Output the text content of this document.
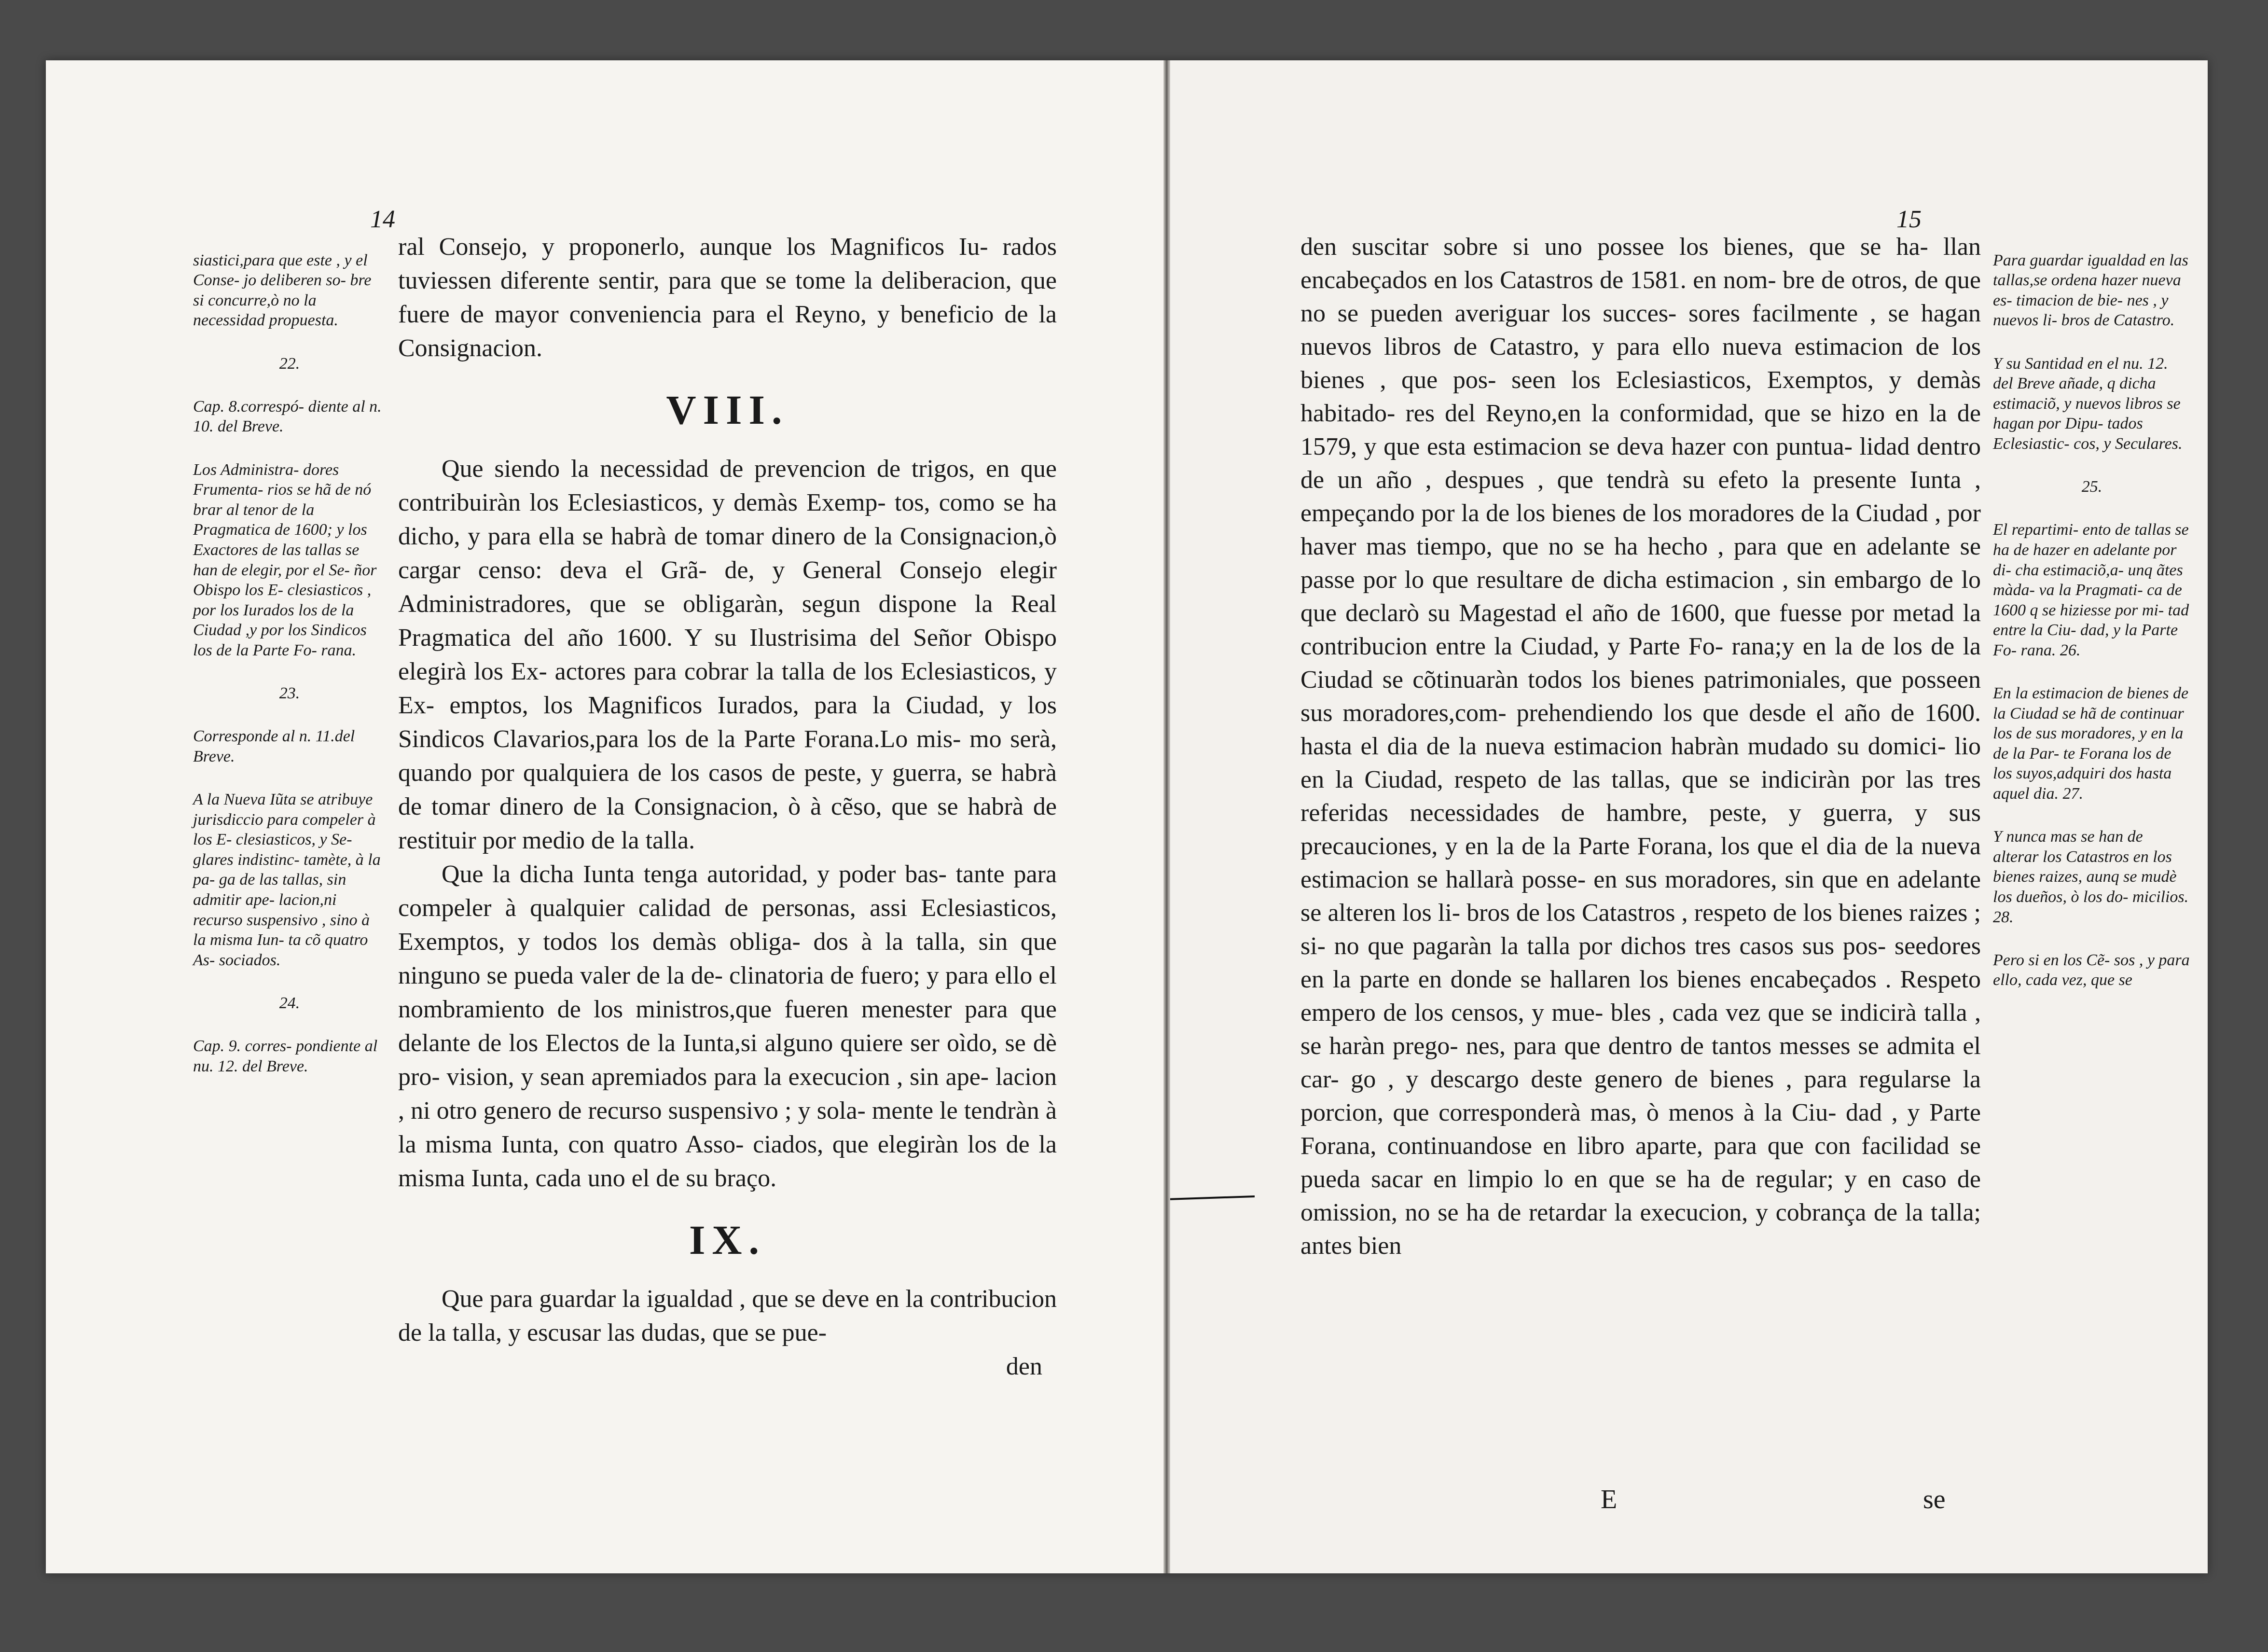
14

siastici,para que este , y el Conse- jo deliberen so- bre si concurre,ò no la necessidad propuesta.

22.

Cap. 8.correspó- diente al n. 10. del Breve.

Los Administra- dores Frumenta- rios se hã de nó brar al tenor de la Pragmatica de 1600; y los Exactores de las tallas se han de elegir, por el Se- ñor Obispo los E- clesiasticos , por los Iurados los de la Ciudad ,y por los Sindicos los de la Parte Fo- rana.

23.

Corresponde al n. 11.del Breve.

A la Nueva Iũta se atribuye jurisdiccio para compeler à los E- clesiasticos, y Se- glares indistinc- tamète, à la pa- ga de las tallas, sin admitir ape- lacion,ni recurso suspensivo , sino à la misma Iun- ta cõ quatro As- sociados.

24.

Cap. 9. corres- pondiente al nu. 12. del Breve.

ral Consejo, y proponerlo, aunque los Magnificos Iu- rados tuviessen diferente sentir, para que se tome la deliberacion, que fuere de mayor conveniencia para el Reyno, y beneficio de la Consignacion.

VIII.

Que siendo la necessidad de prevencion de trigos, en que contribuiràn los Eclesiasticos, y demàs Exemp- tos, como se ha dicho, y para ella se habrà de tomar dinero de la Consignacion,ò cargar censo: deva el Grã- de, y General Consejo elegir Administradores, que se obligaràn, segun dispone la Real Pragmatica del año 1600. Y su Ilustrisima del Señor Obispo elegirà los Ex- actores para cobrar la talla de los Eclesiasticos, y Ex- emptos, los Magnificos Iurados, para la Ciudad, y los Sindicos Clavarios,para los de la Parte Forana.Lo mis- mo serà, quando por qualquiera de los casos de peste, y guerra, se habrà de tomar dinero de la Consignacion, ò à cẽso, que se habrà de restituir por medio de la talla.

Que la dicha Iunta tenga autoridad, y poder bas- tante para compeler à qualquier calidad de personas, assi Eclesiasticos, Exemptos, y todos los demàs obliga- dos à la talla, sin que ninguno se pueda valer de la de- clinatoria de fuero; y para ello el nombramiento de los ministros,que fueren menester para que delante de los Electos de la Iunta,si alguno quiere ser oìdo, se dè pro- vision, y sean apremiados para la execucion , sin ape- lacion , ni otro genero de recurso suspensivo ; y sola- mente le tendràn à la misma Iunta, con quatro Asso- ciados, que elegiràn los de la misma Iunta, cada uno el de su braço.

IX.

Que para guardar la igualdad , que se deve en la contribucion de la talla, y escusar las dudas, que se pue-

den
15

den suscitar sobre si uno possee los bienes, que se ha- llan encabeçados en los Catastros de 1581. en nom- bre de otros, de que no se pueden averiguar los succes- sores facilmente , se hagan nuevos libros de Catastro, y para ello nueva estimacion de los bienes , que pos- seen los Eclesiasticos, Exemptos, y demàs habitado- res del Reyno,en la conformidad, que se hizo en la de 1579, y que esta estimacion se deva hazer con puntua- lidad dentro de un año , despues , que tendrà su efeto la presente Iunta , empeçando por la de los bienes de los moradores de la Ciudad , por haver mas tiempo, que no se ha hecho , para que en adelante se passe por lo que resultare de dicha estimacion , sin embargo de lo que declarò su Magestad el año de 1600, que fuesse por metad la contribucion entre la Ciudad, y Parte Fo- rana;y en la de los de la Ciudad se cõtinuaràn todos los bienes patrimoniales, que posseen sus moradores,com- prehendiendo los que desde el año de 1600. hasta el dia de la nueva estimacion habràn mudado su domici- lio en la Ciudad, respeto de las tallas, que se indiciràn por las tres referidas necessidades de hambre, peste, y guerra, y sus precauciones, y en la de la Parte Forana, los que el dia de la nueva estimacion se hallarà posse- en sus moradores, sin que en adelante se alteren los li- bros de los Catastros , respeto de los bienes raizes ; si- no que pagaràn la talla por dichos tres casos sus pos- seedores en la parte en donde se hallaren los bienes encabeçados . Respeto empero de los censos, y mue- bles , cada vez que se indicirà talla , se haràn prego- nes, para que dentro de tantos messes se admita el car- go , y descargo deste genero de bienes , para regularse la porcion, que corresponderà mas, ò menos à la Ciu- dad , y Parte Forana, continuandose en libro aparte, para que con facilidad se pueda sacar en limpio lo en que se ha de regular; y en caso de omission, no se ha de retardar la execucion, y cobrança de la talla; antes bien

E	se

Para guardar igualdad en las tallas,se ordena hazer nueva es- timacion de bie- nes , y nuevos li- bros de Catastro.

Y su Santidad en el nu. 12. del Breve añade, q dicha estimaciõ, y nuevos libros se hagan por Dipu- tados Eclesiastic- cos, y Seculares.

25.

El repartimi- ento de tallas se ha de hazer en adelante por di- cha estimaciõ,a- unq ãtes màda- va la Pragmati- ca de 1600 q se hiziesse por mi- tad entre la Ciu- dad, y la Parte Fo- rana. 26.

En la estimacion de bienes de la Ciudad se hã de continuar los de sus moradores, y en la de la Par- te Forana los de los suyos,adquiri dos hasta aquel dia. 27.

Y nunca mas se han de alterar los Catastros en los bienes raizes, aunq se mudè los dueños, ò los do- micilios. 28.

Pero si en los Cẽ- sos , y para ello, cada vez, que se
